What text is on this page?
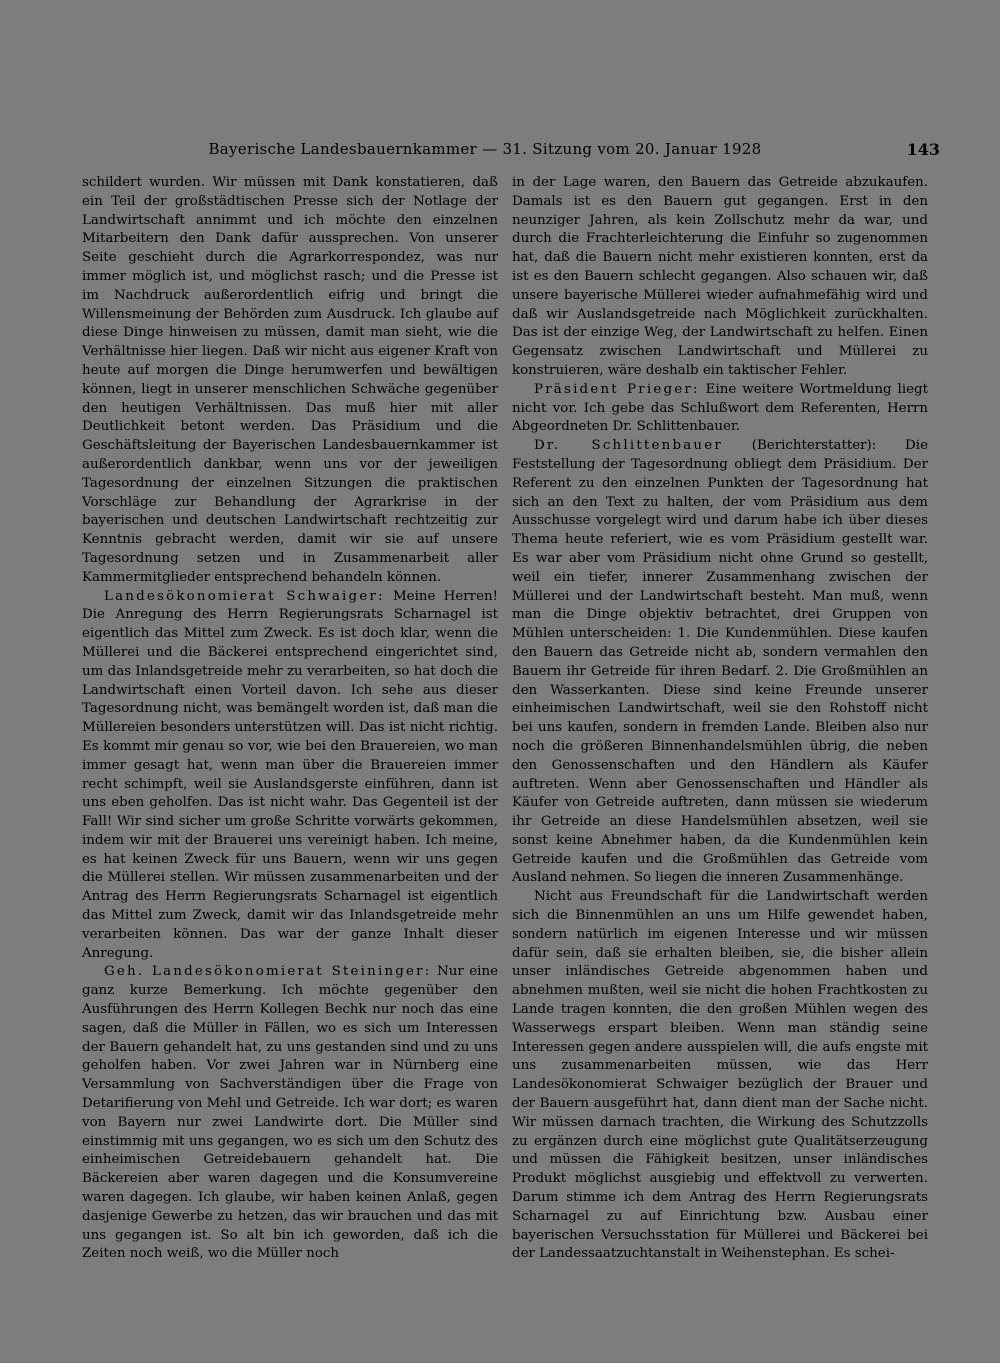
Bayerische Landesbauernkammer — 31. Sitzung vom 20. Januar 1928	143

schildert wurden. Wir müssen mit Dank konstatieren, daß ein Teil der großstädtischen Presse sich der Notlage der Landwirtschaft annimmt und ich möchte den einzelnen Mitarbeitern den Dank dafür aussprechen. Von unserer Seite geschieht durch die Agrarkorrespondez, was nur immer möglich ist, und möglichst rasch; und die Presse ist im Nachdruck außerordentlich eifrig und bringt die Willensmeinung der Behörden zum Ausdruck. Ich glaube auf diese Dinge hinweisen zu müssen, damit man sieht, wie die Verhältnisse hier liegen. Daß wir nicht aus eigener Kraft von heute auf morgen die Dinge herumwerfen und bewältigen können, liegt in unserer menschlichen Schwäche gegenüber den heutigen Verhältnissen. Das muß hier mit aller Deutlichkeit betont werden. Das Präsidium und die Geschäftsleitung der Bayerischen Landesbauernkammer ist außerordentlich dankbar, wenn uns vor der jeweiligen Tagesordnung der einzelnen Sitzungen die praktischen Vorschläge zur Behandlung der Agrarkrise in der bayerischen und deutschen Landwirtschaft rechtzeitig zur Kenntnis gebracht werden, damit wir sie auf unsere Tagesordnung setzen und in Zusammenarbeit aller Kammermitglieder entsprechend behandeln können.

Landesökonomierat Schwaiger: Meine Herren! Die Anregung des Herrn Regierungsrats Scharnagel ist eigentlich das Mittel zum Zweck. Es ist doch klar, wenn die Müllerei und die Bäckerei entsprechend eingerichtet sind, um das Inlandsgetreide mehr zu verarbeiten, so hat doch die Landwirtschaft einen Vorteil davon. Ich sehe aus dieser Tagesordnung nicht, was bemängelt worden ist, daß man die Müllereien besonders unterstützen will. Das ist nicht richtig. Es kommt mir genau so vor, wie bei den Brauereien, wo man immer gesagt hat, wenn man über die Brauereien immer recht schimpft, weil sie Auslandsgerste einführen, dann ist uns eben geholfen. Das ist nicht wahr. Das Gegenteil ist der Fall! Wir sind sicher um große Schritte vorwärts gekommen, indem wir mit der Brauerei uns vereinigt haben. Ich meine, es hat keinen Zweck für uns Bauern, wenn wir uns gegen die Müllerei stellen. Wir müssen zusammenarbeiten und der Antrag des Herrn Regierungsrats Scharnagel ist eigentlich das Mittel zum Zweck, damit wir das Inlandsgetreide mehr verarbeiten können. Das war der ganze Inhalt dieser Anregung.

Geh. Landesökonomierat Steininger: Nur eine ganz kurze Bemerkung. Ich möchte gegenüber den Ausführungen des Herrn Kollegen Bechk nur noch das eine sagen, daß die Müller in Fällen, wo es sich um Interessen der Bauern gehandelt hat, zu uns gestanden sind und zu uns geholfen haben. Vor zwei Jahren war in Nürnberg eine Versammlung von Sachverständigen über die Frage von Detarifierung von Mehl und Getreide. Ich war dort; es waren von Bayern nur zwei Landwirte dort. Die Müller sind einstimmig mit uns gegangen, wo es sich um den Schutz des einheimischen Getreidebauern gehandelt hat. Die Bäckereien aber waren dagegen und die Konsumvereine waren dagegen. Ich glaube, wir haben keinen Anlaß, gegen dasjenige Gewerbe zu hetzen, das wir brauchen und das mit uns gegangen ist. So alt bin ich geworden, daß ich die Zeiten noch weiß, wo die Müller noch

in der Lage waren, den Bauern das Getreide abzukaufen. Damals ist es den Bauern gut gegangen. Erst in den neunziger Jahren, als kein Zollschutz mehr da war, und durch die Frachterleichterung die Einfuhr so zugenommen hat, daß die Bauern nicht mehr existieren konnten, erst da ist es den Bauern schlecht gegangen. Also schauen wir, daß unsere bayerische Müllerei wieder aufnahmefähig wird und daß wir Auslandsgetreide nach Möglichkeit zurückhalten. Das ist der einzige Weg, der Landwirtschaft zu helfen. Einen Gegensatz zwischen Landwirtschaft und Müllerei zu konstruieren, wäre deshalb ein taktischer Fehler.

Präsident Prieger: Eine weitere Wortmeldung liegt nicht vor. Ich gebe das Schlußwort dem Referenten, Herrn Abgeordneten Dr. Schlittenbauer.

Dr. Schlittenbauer (Berichterstatter): Die Feststellung der Tagesordnung obliegt dem Präsidium. Der Referent zu den einzelnen Punkten der Tagesordnung hat sich an den Text zu halten, der vom Präsidium aus dem Ausschusse vorgelegt wird und darum habe ich über dieses Thema heute referiert, wie es vom Präsidium gestellt war. Es war aber vom Präsidium nicht ohne Grund so gestellt, weil ein tiefer, innerer Zusammenhang zwischen der Müllerei und der Landwirtschaft besteht. Man muß, wenn man die Dinge objektiv betrachtet, drei Gruppen von Mühlen unterscheiden: 1. Die Kundenmühlen. Diese kaufen den Bauern das Getreide nicht ab, sondern vermahlen den Bauern ihr Getreide für ihren Bedarf. 2. Die Großmühlen an den Wasserkanten. Diese sind keine Freunde unserer einheimischen Landwirtschaft, weil sie den Rohstoff nicht bei uns kaufen, sondern in fremden Lande. Bleiben also nur noch die größeren Binnenhandelsmühlen übrig, die neben den Genossenschaften und den Händlern als Käufer auftreten. Wenn aber Genossenschaften und Händler als Käufer von Getreide auftreten, dann müssen sie wiederum ihr Getreide an diese Handelsmühlen absetzen, weil sie sonst keine Abnehmer haben, da die Kundenmühlen kein Getreide kaufen und die Großmühlen das Getreide vom Ausland nehmen. So liegen die inneren Zusammenhänge.

Nicht aus Freundschaft für die Landwirtschaft werden sich die Binnenmühlen an uns um Hilfe gewendet haben, sondern natürlich im eigenen Interesse und wir müssen dafür sein, daß sie erhalten bleiben, sie, die bisher allein unser inländisches Getreide abgenommen haben und abnehmen mußten, weil sie nicht die hohen Frachtkosten zu Lande tragen konnten, die den großen Mühlen wegen des Wasserwegs erspart bleiben. Wenn man ständig seine Interessen gegen andere ausspielen will, die aufs engste mit uns zusammenarbeiten müssen, wie das Herr Landesökonomierat Schwaiger bezüglich der Brauer und der Bauern ausgeführt hat, dann dient man der Sache nicht. Wir müssen darnach trachten, die Wirkung des Schutzzolls zu ergänzen durch eine möglichst gute Qualitätserzeugung und müssen die Fähigkeit besitzen, unser inländisches Produkt möglichst ausgiebig und effektvoll zu verwerten. Darum stimme ich dem Antrag des Herrn Regierungsrats Scharnagel zu auf Einrichtung bzw. Ausbau einer bayerischen Versuchsstation für Müllerei und Bäckerei bei der Landessaatzuchtanstalt in Weihenstephan. Es schei-
